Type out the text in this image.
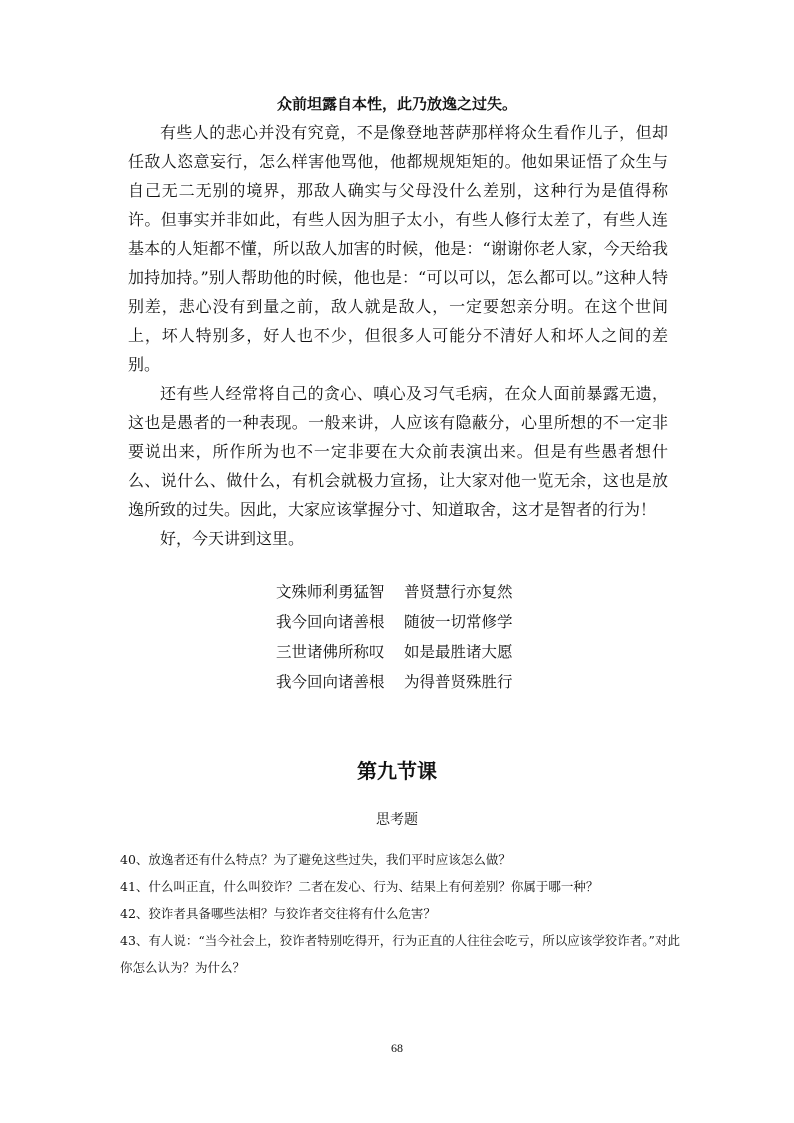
众前坦露自本性，此乃放逸之过失。

有些人的悲心并没有究竟，不是像登地菩萨那样将众生看作儿子，但却任敌人恣意妄行，怎么样害他骂他，他都规规矩矩的。他如果证悟了众生与自己无二无别的境界，那敌人确实与父母没什么差别，这种行为是值得称许。但事实并非如此，有些人因为胆子太小，有些人修行太差了，有些人连基本的人矩都不懂，所以敌人加害的时候，他是：“谢谢你老人家，今天给我加持加持。”别人帮助他的时候，他也是：“可以可以，怎么都可以。”这种人特别差，悲心没有到量之前，敌人就是敌人，一定要恕亲分明。在这个世间上，坏人特别多，好人也不少，但很多人可能分不清好人和坏人之间的差别。

还有些人经常将自己的贪心、嗔心及习气毛病，在众人面前暴露无遗，这也是愚者的一种表现。一般来讲，人应该有隐蔽分，心里所想的不一定非要说出来，所作所为也不一定非要在大众前表演出来。但是有些愚者想什么、说什么、做什么，有机会就极力宣扬，让大家对他一览无余，这也是放逸所致的过失。因此，大家应该掌握分寸、知道取舍，这才是智者的行为！

好，今天讲到这里。

文殊师利勇猛智 普贤慧行亦复然
我今回向诸善根 随彼一切常修学
三世诸佛所称叹 如是最胜诸大愿
我今回向诸善根 为得普贤殊胜行
第九节课
思考题

40、放逸者还有什么特点？为了避免这些过失，我们平时应该怎么做？

41、什么叫正直，什么叫狡诈？二者在发心、行为、结果上有何差别？你属于哪一种？

42、狡诈者具备哪些法相？与狡诈者交往将有什么危害？

43、有人说：“当今社会上，狡诈者特别吃得开，行为正直的人往往会吃亏，所以应该学狡诈者。”对此你怎么认为？为什么？

68
